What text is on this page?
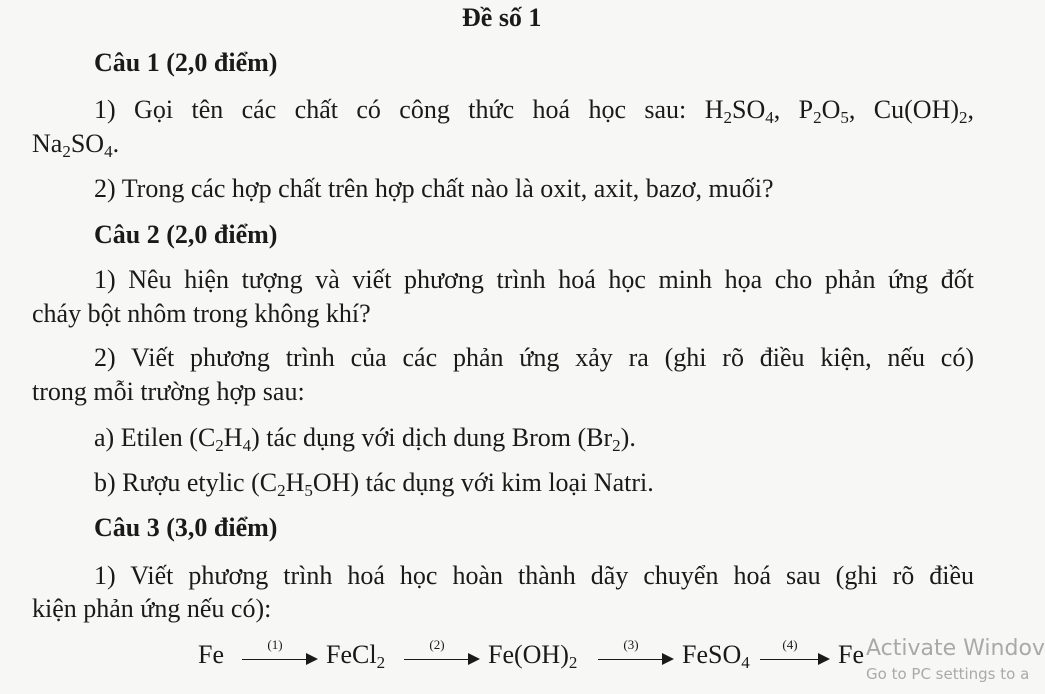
Đề số 1
Câu 1 (2,0 điểm)
1) Gọi tên các chất có công thức hoá học sau: $H_2SO_4$, $P_2O_5$, $Cu(OH)_2$,
$Na_2SO_4$.
2) Trong các hợp chất trên hợp chất nào là oxit, axit, bazơ, muối?
Câu 2 (2,0 điểm)
1) Nêu hiện tượng và viết phương trình hoá học minh họa cho phản ứng đốt
cháy bột nhôm trong không khí?
2) Viết phương trình của các phản ứng xảy ra (ghi rõ điều kiện, nếu có)
trong mỗi trường hợp sau:
a) Etilen $(C_2H_4)$ tác dụng với dịch dung Brom $(Br_2)$.
b) Rượu etylic $(C_2H_5OH)$ tác dụng với kim loại Natri.
Câu 3 (3,0 điểm)
1) Viết phương trình hoá học hoàn thành dãy chuyển hoá sau (ghi rõ điều
kiện phản ứng nếu có):
Fe	(1)	FeCl$_2$
(2)	$Fe(OH)_2$
(3)	FeSO$_4$
(4)	Fe Activate Windov
Go to PC settings to a
